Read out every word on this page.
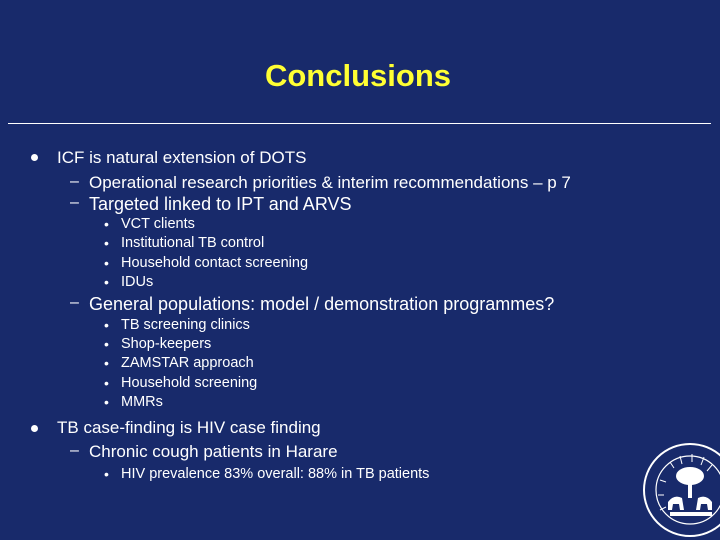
Conclusions
ICF is natural extension of DOTS
– Operational research priorities & interim recommendations – p 7
– Targeted linked to IPT and ARVS
• VCT clients
• Institutional TB control
• Household contact screening
• IDUs
– General populations: model / demonstration programmes?
• TB screening clinics
• Shop-keepers
• ZAMSTAR approach
• Household screening
• MMRs
TB case-finding is HIV case finding
– Chronic cough patients in Harare
• HIV prevalence 83% overall: 88% in TB patients
